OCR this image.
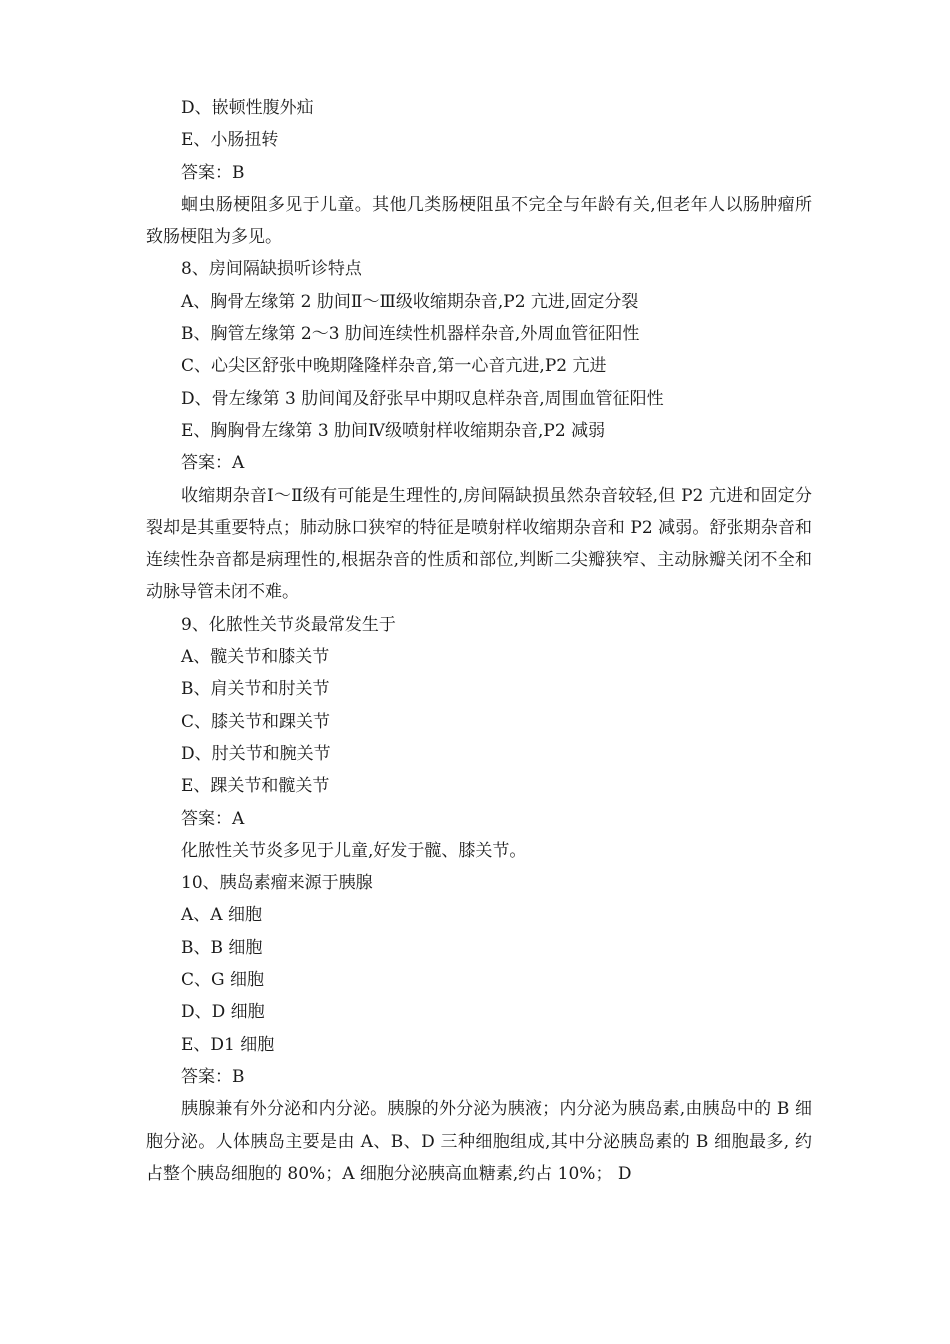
D、嵌顿性腹外疝
E、小肠扭转
答案：B

蛔虫肠梗阻多见于儿童。其他几类肠梗阻虽不完全与年龄有关,但老年人以肠肿瘤所致肠梗阻为多见。

8、房间隔缺损听诊特点
A、胸骨左缘第 2 肋间Ⅱ～Ⅲ级收缩期杂音,P2 亢进,固定分裂
B、胸管左缘第 2～3 肋间连续性机器样杂音,外周血管征阳性
C、心尖区舒张中晚期隆隆样杂音,第一心音亢进,P2 亢进
D、骨左缘第 3 肋间闻及舒张早中期叹息样杂音,周围血管征阳性
E、胸胸骨左缘第 3 肋间Ⅳ级喷射样收缩期杂音,P2 减弱
答案：A

收缩期杂音Ⅰ～Ⅱ级有可能是生理性的,房间隔缺损虽然杂音较轻,但 P2 亢进和固定分裂却是其重要特点；肺动脉口狭窄的特征是喷射样收缩期杂音和 P2 减弱。舒张期杂音和连续性杂音都是病理性的,根据杂音的性质和部位,判断二尖瓣狭窄、主动脉瓣关闭不全和动脉导管未闭不难。

9、化脓性关节炎最常发生于
A、髋关节和膝关节
B、肩关节和肘关节
C、膝关节和踝关节
D、肘关节和腕关节
E、踝关节和髋关节
答案：A
化脓性关节炎多见于儿童,好发于髋、膝关节。
10、胰岛素瘤来源于胰腺
A、A 细胞
B、B 细胞
C、G 细胞
D、D 细胞
E、D1 细胞
答案：B

胰腺兼有外分泌和内分泌。胰腺的外分泌为胰液；内分泌为胰岛素,由胰岛中的 B 细胞分泌。人体胰岛主要是由 A、B、D 三种细胞组成,其中分泌胰岛素的 B 细胞最多, 约占整个胰岛细胞的 80%；A 细胞分泌胰高血糖素,约占 10%； D
